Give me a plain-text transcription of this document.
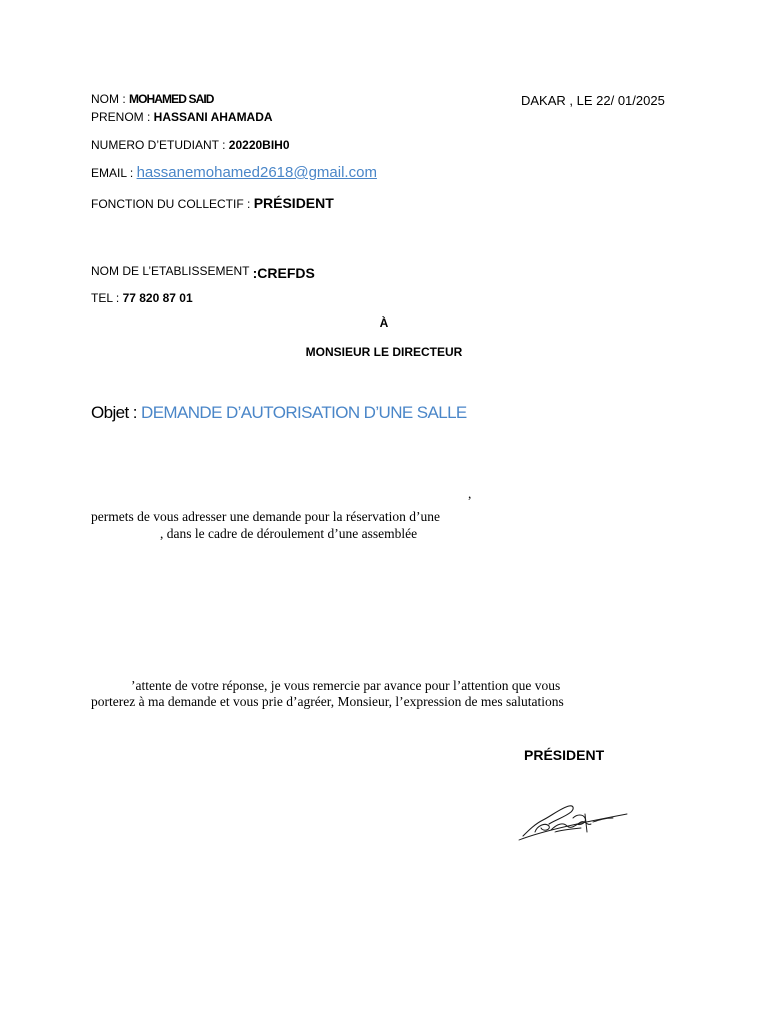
NOM : MOHAMED SAID	DAKAR , LE 22/ 01/2025
PRENOM : HASSANI AHAMADA
NUMERO D’ETUDIANT : 20220BIH0
EMAIL : hassanemohamed2618@gmail.com
FONCTION DU COLLECTIF : PRÉSIDENT
NOM DE L’ETABLISSEMENT :CREFDS
TEL : 77 820 87 01
À
MONSIEUR LE DIRECTEUR
Objet : DEMANDE D’AUTORISATION D’UNE SALLE
,
permets de vous adresser une demande pour la réservation d’une
, dans le cadre de déroulement d’une assemblée
’attente de votre réponse, je vous remercie par avance pour l’attention que vous
porterez à ma demande et vous prie d’agréer, Monsieur, l’expression de mes salutations
PRÉSIDENT
